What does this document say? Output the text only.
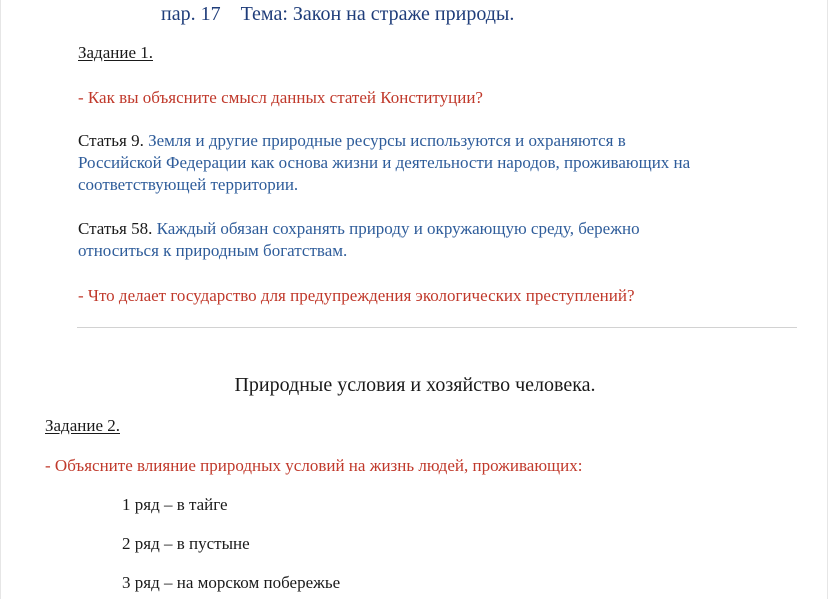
пар. 17 Тема: Закон на страже природы.
Задание 1.
- Как вы объясните смысл данных статей Конституции?
Статья 9. Земля и другие природные ресурсы используются и охраняются в
Российской Федерации как основа жизни и деятельности народов, проживающих на
соответствующей территории.
Статья 58. Каждый обязан сохранять природу и окружающую среду, бережно
относиться к природным богатствам.
- Что делает государство для предупреждения экологических преступлений?
Природные условия и хозяйство человека.
Задание 2.
- Объясните влияние природных условий на жизнь людей, проживающих:
1 ряд – в тайге
2 ряд – в пустыне
3 ряд – на морском побережье
